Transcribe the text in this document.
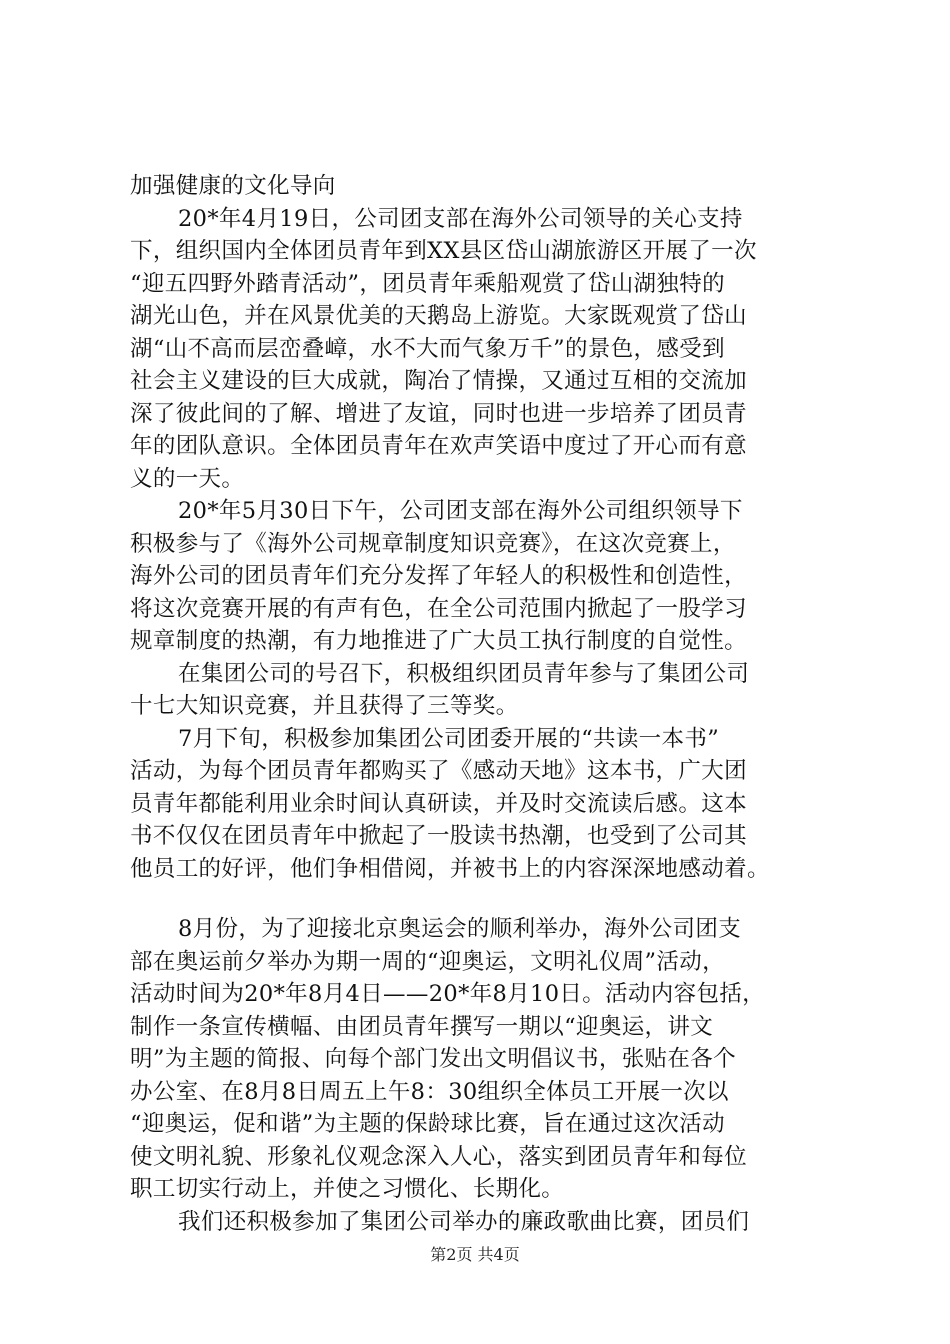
加强健康的文化导向
20*年4月19日，公司团支部在海外公司领导的关心支持
下，组织国内全体团员青年到XX县区岱山湖旅游区开展了一次
“迎五四野外踏青活动”，团员青年乘船观赏了岱山湖独特的
湖光山色，并在风景优美的天鹅岛上游览。大家既观赏了岱山
湖“山不高而层峦叠嶂，水不大而气象万千”的景色，感受到
社会主义建设的巨大成就，陶冶了情操，又通过互相的交流加
深了彼此间的了解、增进了友谊，同时也进一步培养了团员青
年的团队意识。全体团员青年在欢声笑语中度过了开心而有意
义的一天。
20*年5月30日下午，公司团支部在海外公司组织领导下
积极参与了《海外公司规章制度知识竞赛》，在这次竞赛上，
海外公司的团员青年们充分发挥了年轻人的积极性和创造性，
将这次竞赛开展的有声有色，在全公司范围内掀起了一股学习
规章制度的热潮，有力地推进了广大员工执行制度的自觉性。
在集团公司的号召下，积极组织团员青年参与了集团公司
十七大知识竞赛，并且获得了三等奖。
7月下旬，积极参加集团公司团委开展的“共读一本书”
活动，为每个团员青年都购买了《感动天地》这本书，广大团
员青年都能利用业余时间认真研读，并及时交流读后感。这本
书不仅仅在团员青年中掀起了一股读书热潮，也受到了公司其
他员工的好评，他们争相借阅，并被书上的内容深深地感动着。
8月份，为了迎接北京奥运会的顺利举办，海外公司团支
部在奥运前夕举办为期一周的“迎奥运，文明礼仪周”活动，
活动时间为20*年8月4日——20*年8月10日。活动内容包括，
制作一条宣传横幅、由团员青年撰写一期以“迎奥运，讲文
明”为主题的简报、向每个部门发出文明倡议书，张贴在各个
办公室、在8月8日周五上午8：30组织全体员工开展一次以
“迎奥运，促和谐”为主题的保龄球比赛，旨在通过这次活动
使文明礼貌、形象礼仪观念深入人心，落实到团员青年和每位
职工切实行动上，并使之习惯化、长期化。
我们还积极参加了集团公司举办的廉政歌曲比赛，团员们
第2页 共4页
